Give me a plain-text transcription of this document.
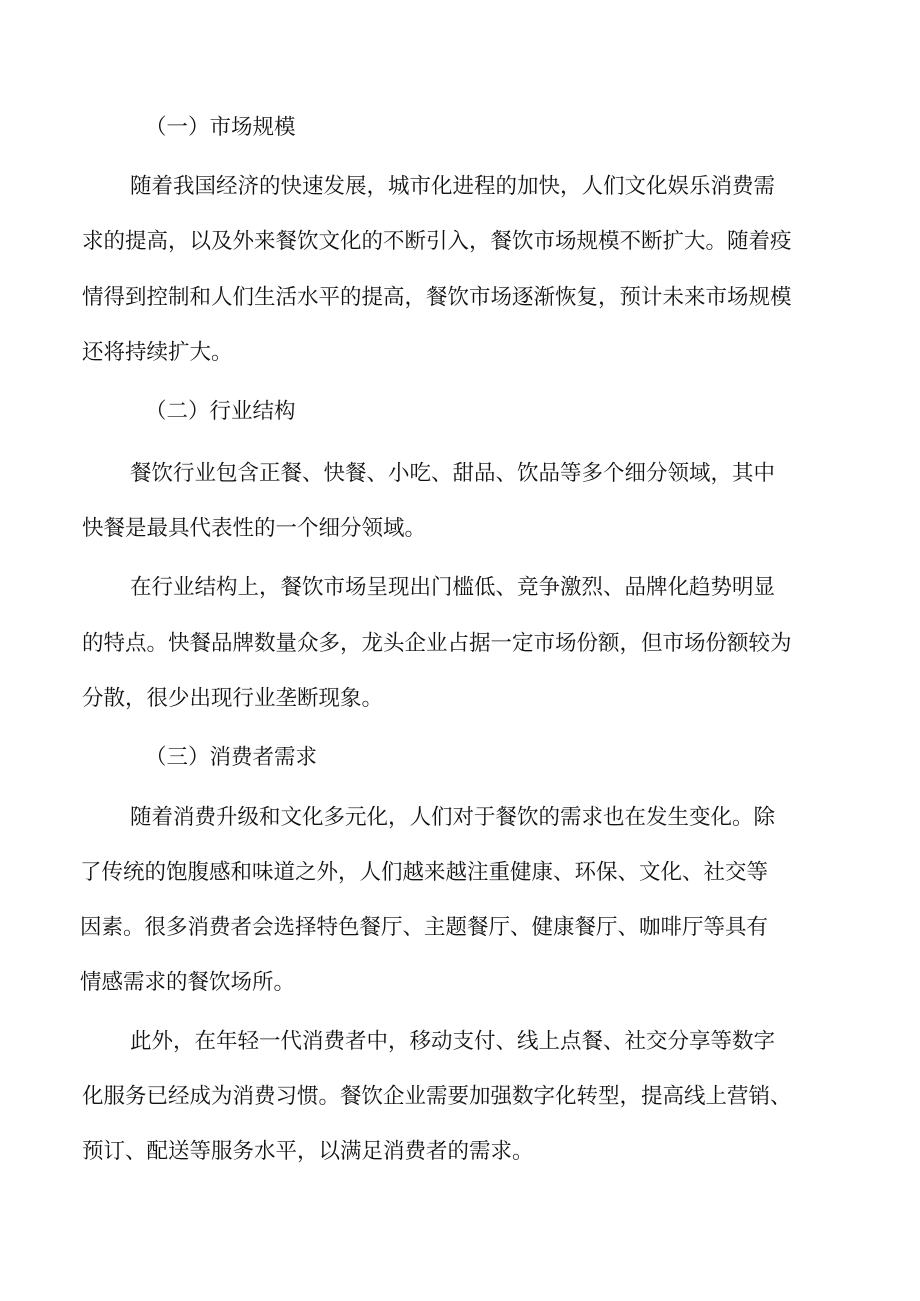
（一）市场规模

随着我国经济的快速发展，城市化进程的加快，人们文化娱乐消费需

求的提高，以及外来餐饮文化的不断引入，餐饮市场规模不断扩大。随着疫

情得到控制和人们生活水平的提高，餐饮市场逐渐恢复，预计未来市场规模

还将持续扩大。

（二）行业结构

餐饮行业包含正餐、快餐、小吃、甜品、饮品等多个细分领域，其中

快餐是最具代表性的一个细分领域。

在行业结构上，餐饮市场呈现出门槛低、竞争激烈、品牌化趋势明显

的特点。快餐品牌数量众多，龙头企业占据一定市场份额，但市场份额较为

分散，很少出现行业垄断现象。

（三）消费者需求

随着消费升级和文化多元化，人们对于餐饮的需求也在发生变化。除

了传统的饱腹感和味道之外，人们越来越注重健康、环保、文化、社交等

因素。很多消费者会选择特色餐厅、主题餐厅、健康餐厅、咖啡厅等具有

情感需求的餐饮场所。

此外，在年轻一代消费者中，移动支付、线上点餐、社交分享等数字

化服务已经成为消费习惯。餐饮企业需要加强数字化转型，提高线上营销、

预订、配送等服务水平，以满足消费者的需求。
